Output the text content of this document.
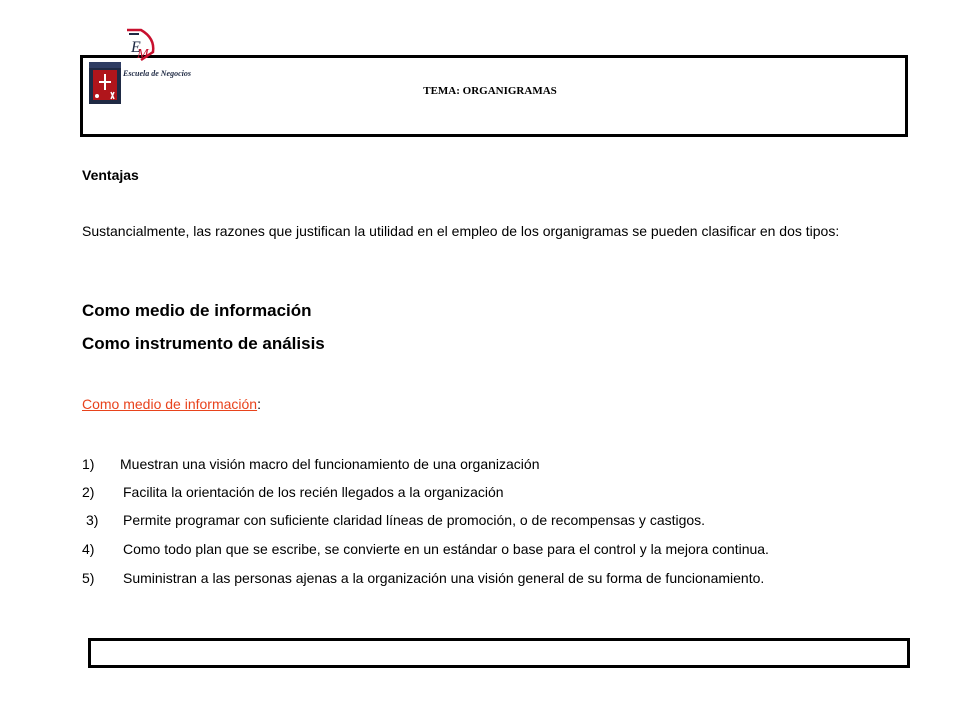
E
M
Escuela de Negocios
TEMA: ORGANIGRAMAS
Ventajas
Sustancialmente, las razones que justifican la utilidad en el empleo de los organigramas se pueden clasificar en dos tipos:
Como medio de información
Como instrumento de análisis
Como medio de información:
1) Muestran una visión macro del funcionamiento de una organización
2) Facilita la orientación de los recién llegados a la organización
3) Permite programar con suficiente claridad líneas de promoción, o de recompensas y castigos.
4) Como todo plan que se escribe, se convierte en un estándar o base para el control y la mejora continua.
5) Suministran a las personas ajenas a la organización una visión general de su forma de funcionamiento.
